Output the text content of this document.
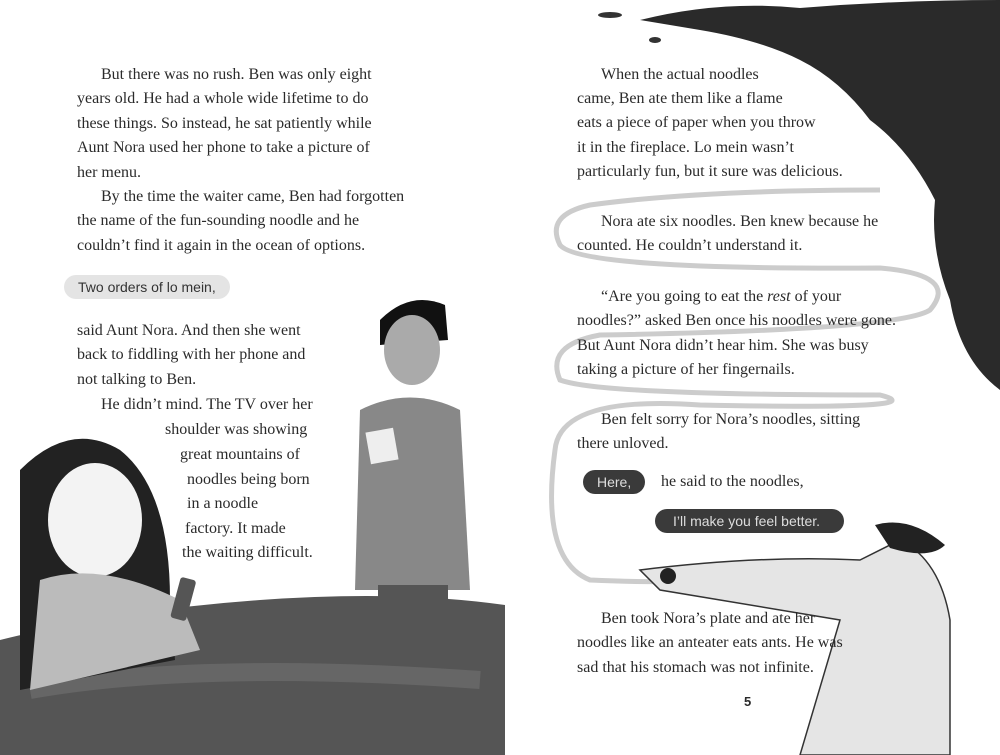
But there was no rush. Ben was only eight
years old. He had a whole wide lifetime to do
these things. So instead, he sat patiently while
Aunt Nora used her phone to take a picture of
her menu.
By the time the waiter came, Ben had forgotten
the name of the fun-sounding noodle and he
couldn’t find it again in the ocean of options.
Two orders of lo mein,
said Aunt Nora. And then she went
back to fiddling with her phone and
not talking to Ben.
He didn’t mind. The TV over her
shoulder was showing
great mountains of
noodles being born
in a noodle
factory. It made
the waiting difficult.
When the actual noodles
came, Ben ate them like a flame
eats a piece of paper when you throw
it in the fireplace. Lo mein wasn’t
particularly fun, but it sure was delicious.
Nora ate six noodles. Ben knew because he
counted. He couldn’t understand it.
“Are you going to eat the rest of your
noodles?” asked Ben once his noodles were gone.
But Aunt Nora didn’t hear him. She was busy
taking a picture of her fingernails.
Ben felt sorry for Nora’s noodles, sitting
there unloved.
Here,	he said to the noodles,
I’ll make you feel better.
Ben took Nora’s plate and ate her
noodles like an anteater eats ants. He was
sad that his stomach was not infinite.
5
